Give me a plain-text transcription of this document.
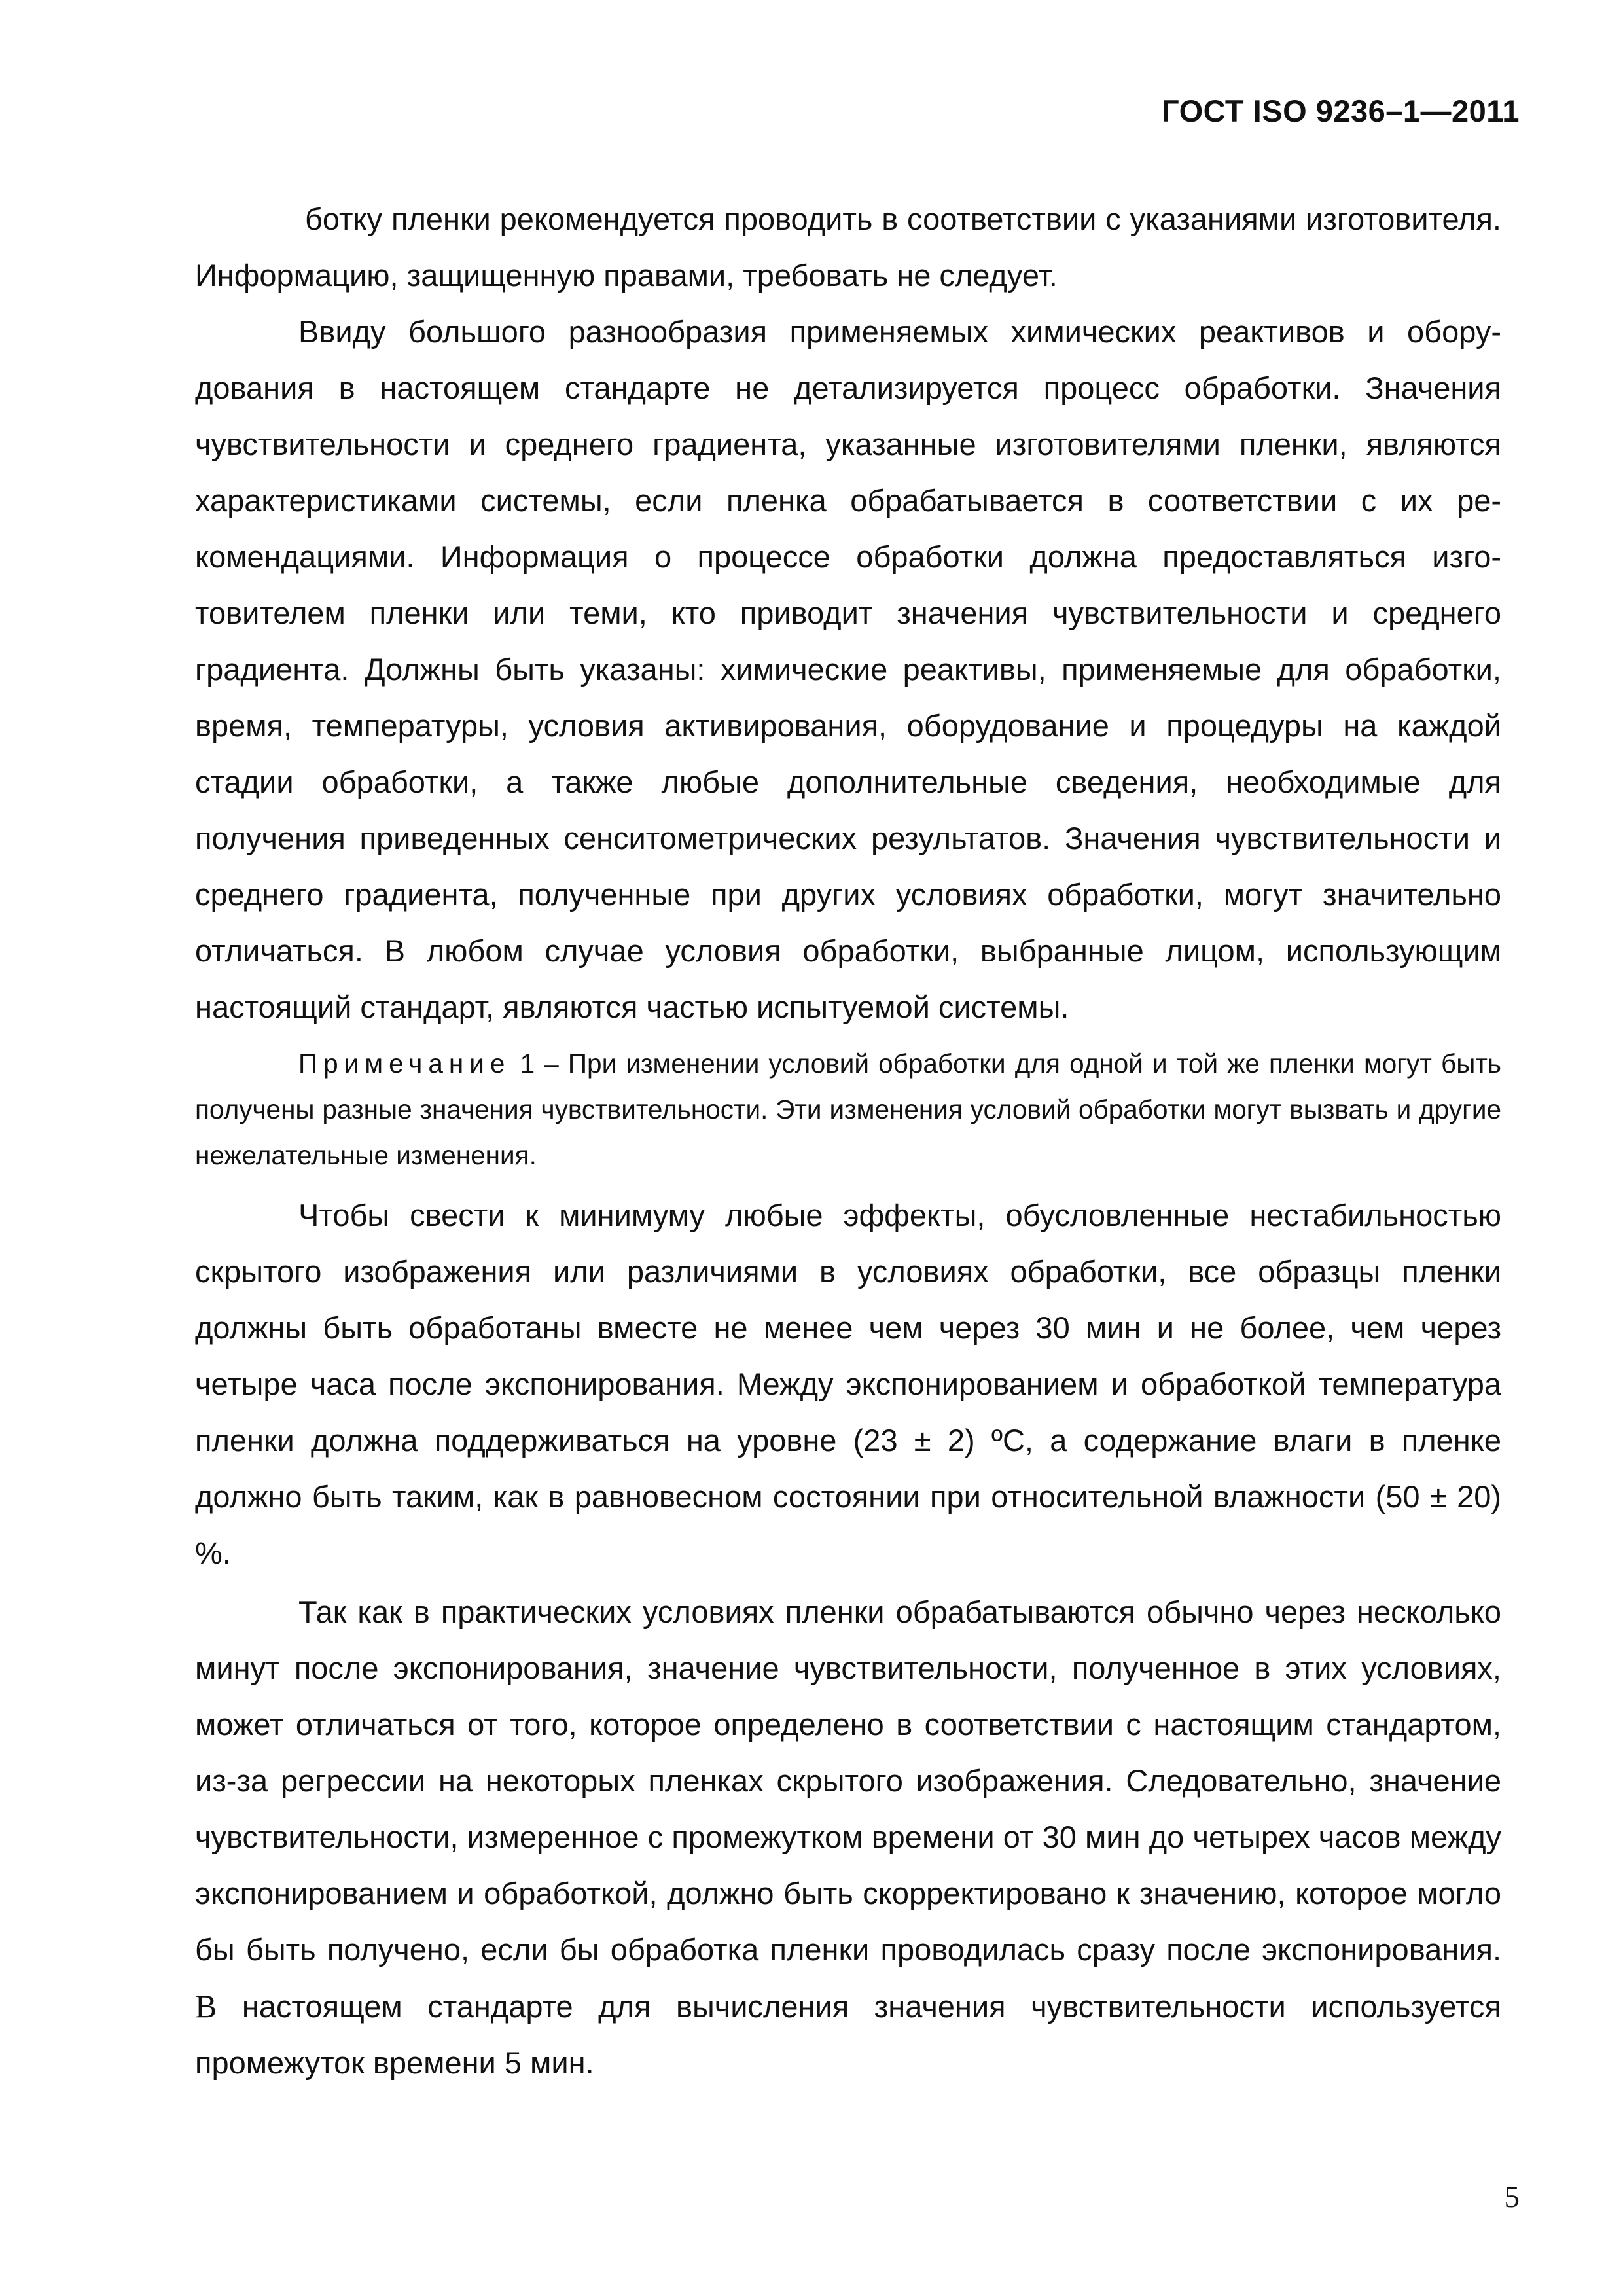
ГОСТ ISO 9236–1—2011

ботку пленки рекомендуется проводить в соответствии с указаниями изготовителя. Информацию, защищенную правами, требовать не следует.

Ввиду большого разнообразия применяемых химических реактивов и оборудования в настоящем стандарте не детализируется процесс обработки. Значения чувствительности и среднего градиента, указанные изготовителями пленки, являются характеристиками системы, если пленка обрабатывается в соответствии с их рекомендациями. Информация о процессе обработки должна предоставляться изготовителем пленки или теми, кто приводит значения чувствительности и среднего градиента. Должны быть указаны: химические реактивы, применяемые для обработки, время, температуры, условия активирования, оборудование и процедуры на каждой стадии обработки, а также любые дополнительные сведения, необходимые для получения приведенных сенситометрических результатов. Значения чувствительности и среднего градиента, полученные при других условиях обработки, могут значительно отличаться. В любом случае условия обработки, выбранные лицом, использующим настоящий стандарт, являются частью испытуемой системы.

Примечание 1 – При изменении условий обработки для одной и той же пленки могут быть получены разные значения чувствительности. Эти изменения условий обработки могут вызвать и другие нежелательные изменения.

Чтобы свести к минимуму любые эффекты, обусловленные нестабильностью скрытого изображения или различиями в условиях обработки, все образцы пленки должны быть обработаны вместе не менее чем через 30 мин и не более, чем через четыре часа после экспонирования. Между экспонированием и обработкой температура пленки должна поддерживаться на уровне (23 ± 2) ºС, а содержание влаги в пленке должно быть таким, как в равновесном состоянии при относительной влажности (50 ± 20) %.

Так как в практических условиях пленки обрабатываются обычно через несколько минут после экспонирования, значение чувствительности, полученное в этих условиях, может отличаться от того, которое определено в соответствии с настоящим стандартом, из-за регрессии на некоторых пленках скрытого изображения. Следовательно, значение чувствительности, измеренное с промежутком времени от 30 мин до четырех часов между экспонированием и обработкой, должно быть скорректировано к значению, которое могло бы быть получено, если бы обработка пленки проводилась сразу после экспонирования. В настоящем стандарте для вычисления значения чувствительности используется промежуток времени 5 мин.

5
